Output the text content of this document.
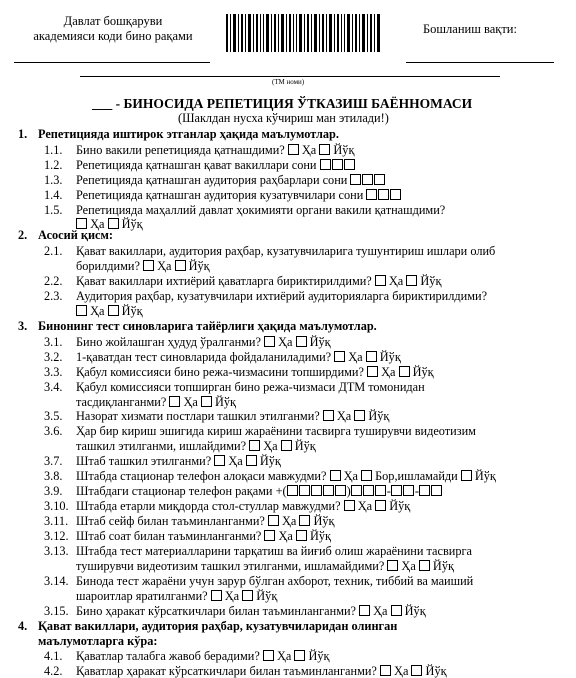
Давлат бошқаруви
академияси коди бино рақами	Бошланиш вақти:
(ТМ номи)
___ - БИНОСИДА РЕПЕТИЦИЯ ЎТКАЗИШ БАЁННОМАСИ
(Шаклдан нусха кўчириш ман этилади!)
1. Репетицияда иштирок этганлар ҳақида маълумотлар.
1.1. Бино вакили репетицияда қатнашдими?  Ҳа  Йўқ
1.2. Репетицияда қатнашган қават вакиллари сони
1.3. Репетицияда қатнашган аудитория раҳбарлари сони
1.4. Репетицияда қатнашган аудитория кузатувчилари сони
1.5. Репетицияда маҳаллий давлат ҳокимияти органи вакили қатнашдими?
Ҳа  Йўқ
2. Асосий қисм:
2.1. Қават вакиллари, аудитория раҳбар, кузатувчиларига тушунтириш ишлари олиб
борилдими?  Ҳа  Йўқ
2.2. Қават вакиллари ихтиёрий қаватларга бириктирилдими?  Ҳа  Йўқ
2.3. Аудитория раҳбар, кузатувчилари ихтиёрий аудиторияларга бириктирилдими?
Ҳа  Йўқ
3. Бинонинг тест синовларига тайёрлиги ҳақида маълумотлар.
3.1. Бино жойлашган ҳудуд ўралганми?  Ҳа  Йўқ
3.2. 1-қаватдан тест синовларида фойдаланиладими?  Ҳа  Йўқ
3.3. Қабул комиссияси бино режа-чизмасини топширдими?  Ҳа  Йўқ
3.4. Қабул комиссияси топширган бино режа-чизмаси ДТМ томонидан
тасдиқланганми?  Ҳа  Йўқ
3.5. Назорат хизмати постлари ташкил этилганми?  Ҳа  Йўқ
3.6. Ҳар бир кириш эшигида кириш жараёнини тасвирга туширувчи видеотизим
ташкил этилганми, ишлайдими?  Ҳа  Йўқ
3.7. Штаб ташкил этилганми?  Ҳа  Йўқ
3.8. Штабда стационар телефон алоқаси мавжудми?  Ҳа  Бор,ишламайди  Йўқ
3.9. Штабдаги стационар телефон рақами +(	)	- -
3.10. Штабда етарли миқдорда стол-стуллар мавжудми?  Ҳа  Йўқ
3.11. Штаб сейф билан таъминланганми?  Ҳа  Йўқ
3.12. Штаб соат билан таъминланганми?  Ҳа  Йўқ
3.13. Штабда тест материалларини тарқатиш ва йиғиб олиш жараёнини тасвирга
туширувчи видеотизим ташкил этилганми, ишламайдими?  Ҳа  Йўқ
3.14. Бинода тест жараёни учун зарур бўлган ахборот, техник, тиббий ва маиший
шароитлар яратилганми?  Ҳа  Йўқ
3.15. Бино ҳаракат кўрсаткичлари билан таъминланганми?  Ҳа  Йўқ
4. Қават вакиллари, аудитория раҳбар, кузатувчиларидан олинган
маълумотларга кўра:
4.1. Қаватлар талабга жавоб берадими?  Ҳа  Йўқ
4.2. Қаватлар ҳаракат кўрсаткичлари билан таъминланганми?  Ҳа  Йўқ
